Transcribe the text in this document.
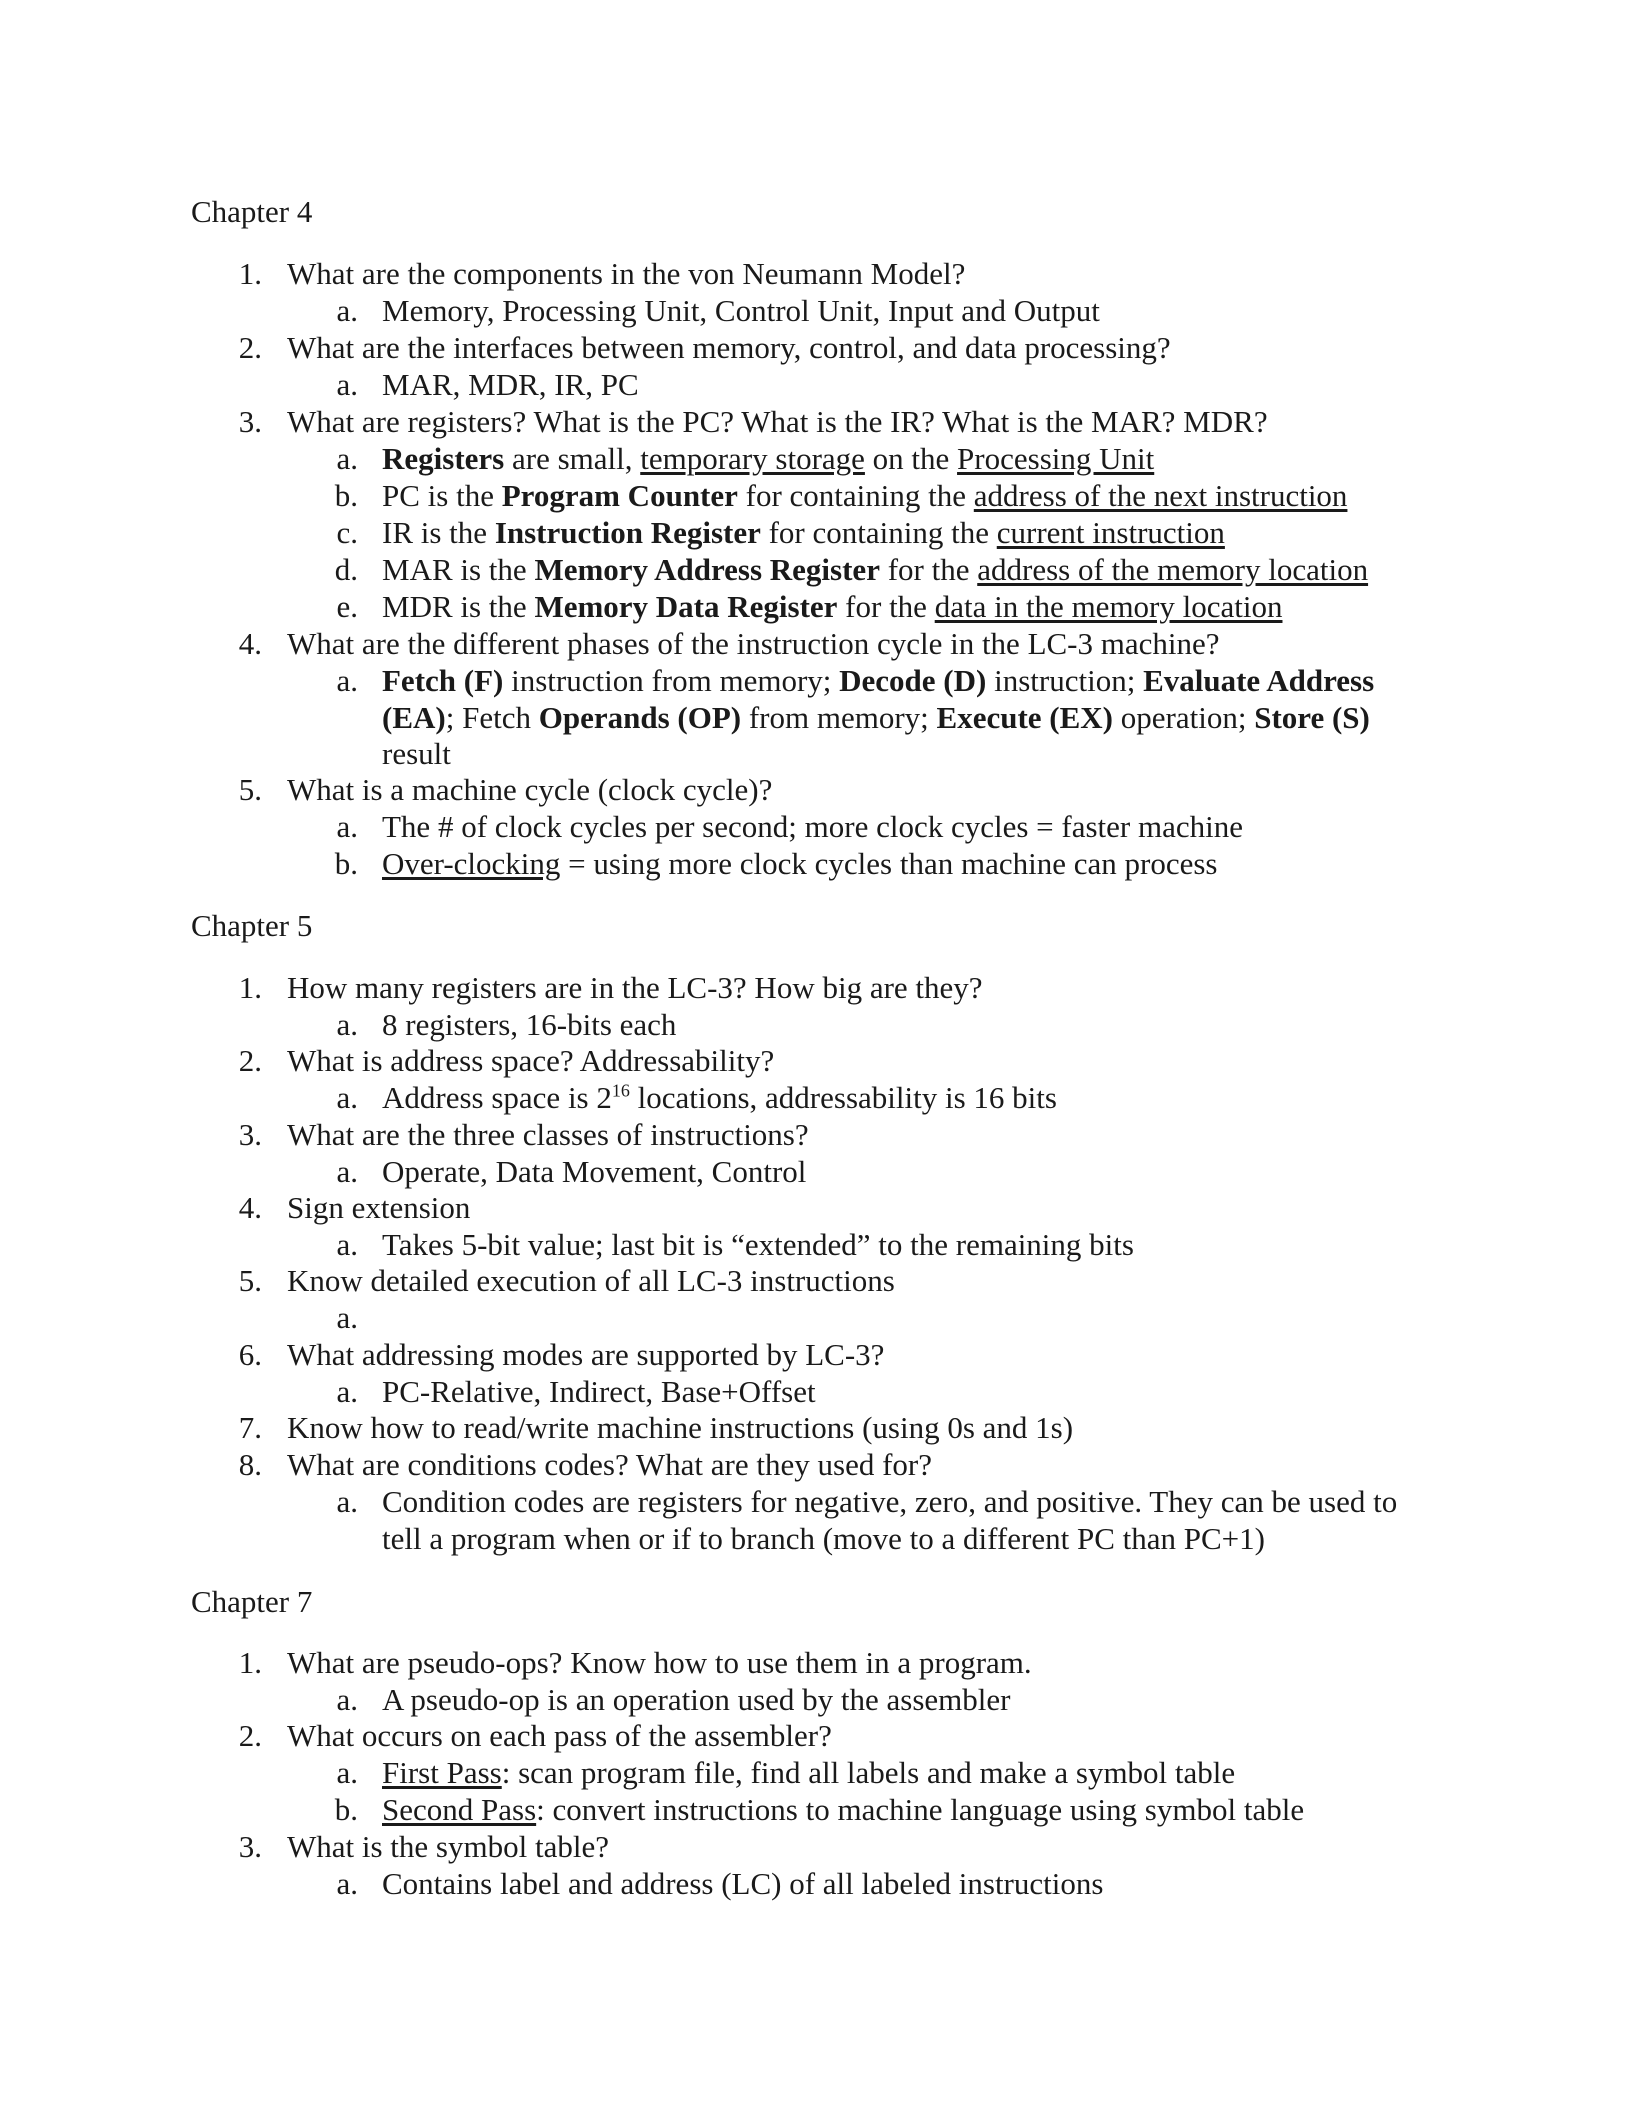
Chapter 4
1. What are the components in the von Neumann Model?
a. Memory, Processing Unit, Control Unit, Input and Output
2. What are the interfaces between memory, control, and data processing?
a. MAR, MDR, IR, PC
3. What are registers? What is the PC? What is the IR? What is the MAR? MDR?
a. Registers are small, temporary storage on the Processing Unit
b. PC is the Program Counter for containing the address of the next instruction
c. IR is the Instruction Register for containing the current instruction
d. MAR is the Memory Address Register for the address of the memory location
e. MDR is the Memory Data Register for the data in the memory location
4. What are the different phases of the instruction cycle in the LC-3 machine?
a. Fetch (F) instruction from memory; Decode (D) instruction; Evaluate Address
(EA); Fetch Operands (OP) from memory; Execute (EX) operation; Store (S)
result
5. What is a machine cycle (clock cycle)?
a. The # of clock cycles per second; more clock cycles = faster machine
b. Over-clocking = using more clock cycles than machine can process
Chapter 5
1. How many registers are in the LC-3? How big are they?
a. 8 registers, 16-bits each
2. What is address space? Addressability?
a. Address space is $2^{16}$ locations, addressability is 16 bits
3. What are the three classes of instructions?
a. Operate, Data Movement, Control
4. Sign extension
a. Takes 5-bit value; last bit is “extended” to the remaining bits
5. Know detailed execution of all LC-3 instructions
a.
6. What addressing modes are supported by LC-3?
a. PC-Relative, Indirect, Base+Offset
7. Know how to read/write machine instructions (using 0s and 1s)
8. What are conditions codes? What are they used for?
a. Condition codes are registers for negative, zero, and positive. They can be used to
tell a program when or if to branch (move to a different PC than PC+1)
Chapter 7
1. What are pseudo-ops? Know how to use them in a program.
a. A pseudo-op is an operation used by the assembler
2. What occurs on each pass of the assembler?
a. First Pass: scan program file, find all labels and make a symbol table
b. Second Pass: convert instructions to machine language using symbol table
3. What is the symbol table?
a. Contains label and address (LC) of all labeled instructions
